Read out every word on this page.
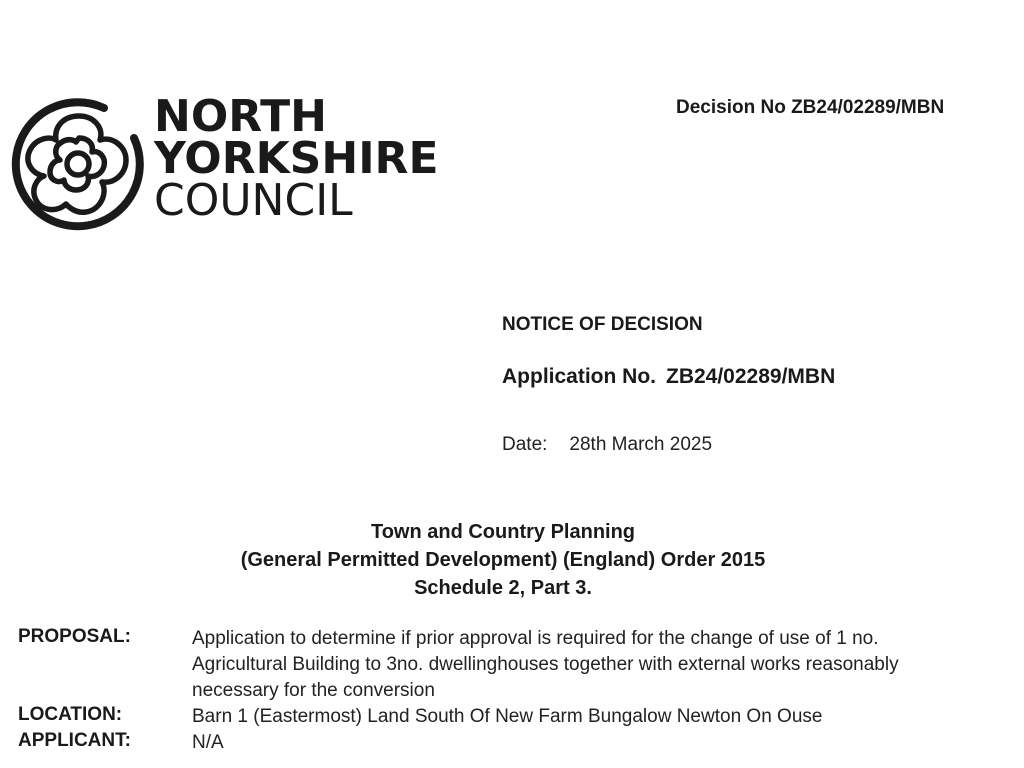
NORTH
YORKSHIRE
COUNCIL
Decision No ZB24/02289/MBN
NOTICE OF DECISION
Application No. ZB24/02289/MBN
Date: 28th March 2025
Town and Country Planning
(General Permitted Development) (England) Order 2015
Schedule 2, Part 3.
PROPOSAL:	Application to determine if prior approval is required for the change of use of 1 no.
Agricultural Building to 3no. dwellinghouses together with external works reasonably
necessary for the conversion
LOCATION:	Barn 1 (Eastermost) Land South Of New Farm Bungalow Newton On Ouse
APPLICANT:	N/A
